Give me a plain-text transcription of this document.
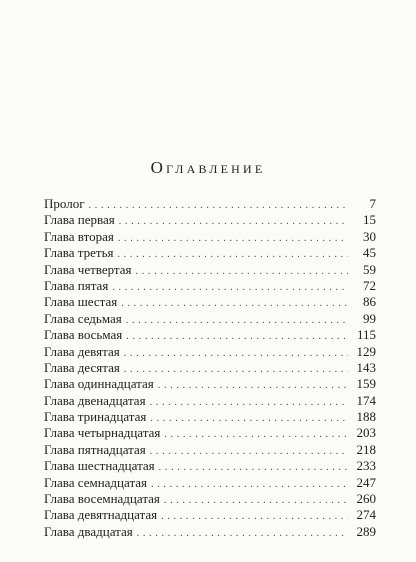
Оглавление
Пролог . . .	7
Глава первая . . .	15
Глава вторая . . .	30
Глава третья . . .	45
Глава четвертая . . .	59
Глава пятая . . .	72
Глава шестая . . .	86
Глава седьмая . . .	99
Глава восьмая . . .	115
Глава девятая . . .	129
Глава десятая . . .	143
Глава одиннадцатая . . .	159
Глава двенадцатая . . .	174
Глава тринадцатая . . .	188
Глава четырнадцатая . . .	203
Глава пятнадцатая . . .	218
Глава шестнадцатая . . .	233
Глава семнадцатая . . .	247
Глава восемнадцатая . . .	260
Глава девятнадцатая . . .	274
Глава двадцатая . . .	289
